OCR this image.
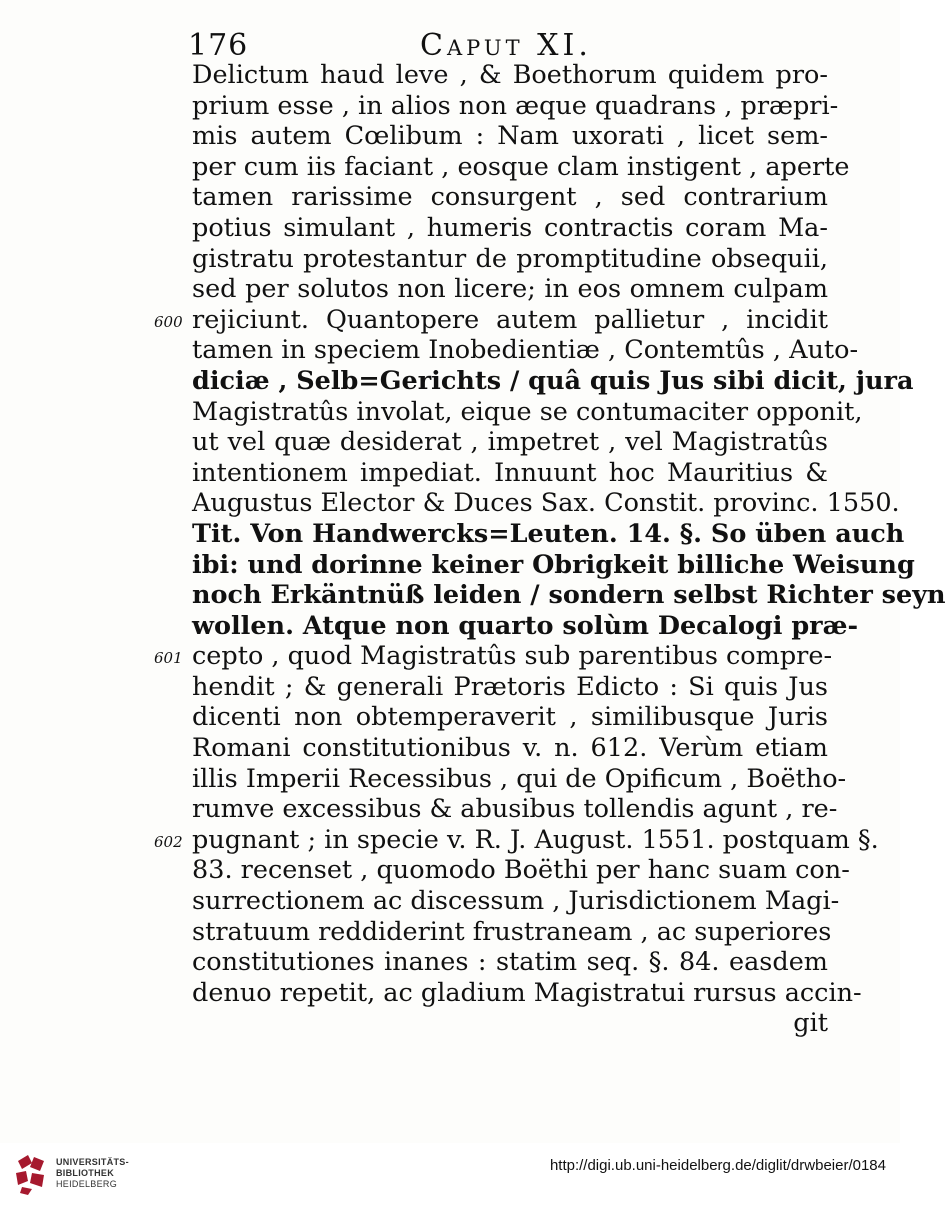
176	Caput XI.
Delictum haud leve , & Boethorum quidem pro-
prium esse , in alios non æque quadrans , præpri-
mis autem Cœlibum : Nam uxorati , licet sem-
per cum iis faciant , eosque clam instigent , aperte
tamen rarissime consurgent , sed contrarium
potius simulant , humeris contractis coram Ma-
gistratu protestantur de promptitudine obsequii,
sed per solutos non licere; in eos omnem culpam
rejiciunt. Quantopere autem pallietur , incidit
tamen in speciem Inobedientiæ , Contemtûs , Auto-
diciæ , Selb=Gerichts / quâ quis Jus sibi dicit, jura
Magistratûs involat, eique se contumaciter opponit,
ut vel quæ desiderat , impetret , vel Magistratûs
intentionem impediat. Innuunt hoc Mauritius &
Augustus Elector & Duces Sax. Constit. provinc. 1550.
Tit. Von Handwercks=Leuten. 14. §. So üben auch
ibi: und dorinne keiner Obrigkeit billiche Weisung
noch Erkäntnüß leiden / sondern selbst Richter seyn
wollen. Atque non quarto solùm Decalogi præ-
cepto , quod Magistratûs sub parentibus compre-
hendit ; & generali Prætoris Edicto : Si quis Jus
dicenti non obtemperaverit , similibusque Juris
Romani constitutionibus v. n. 612. Verùm etiam
illis Imperii Recessibus , qui de Opificum , Boëtho-
rumve excessibus & abusibus tollendis agunt , re-
pugnant ; in specie v. R. J. August. 1551. postquam §.
83. recenset , quomodo Boëthi per hanc suam con-
surrectionem ac discessum , Jurisdictionem Magi-
stratuum reddiderint frustraneam , ac superiores
constitutiones inanes : statim seq. §. 84. easdem
denuo repetit, ac gladium Magistratui rursus accin-
git
600
601
602
UNIVERSITÄTS-
BIBLIOTHEK
HEIDELBERG
http://digi.ub.uni-heidelberg.de/diglit/drwbeier/0184
